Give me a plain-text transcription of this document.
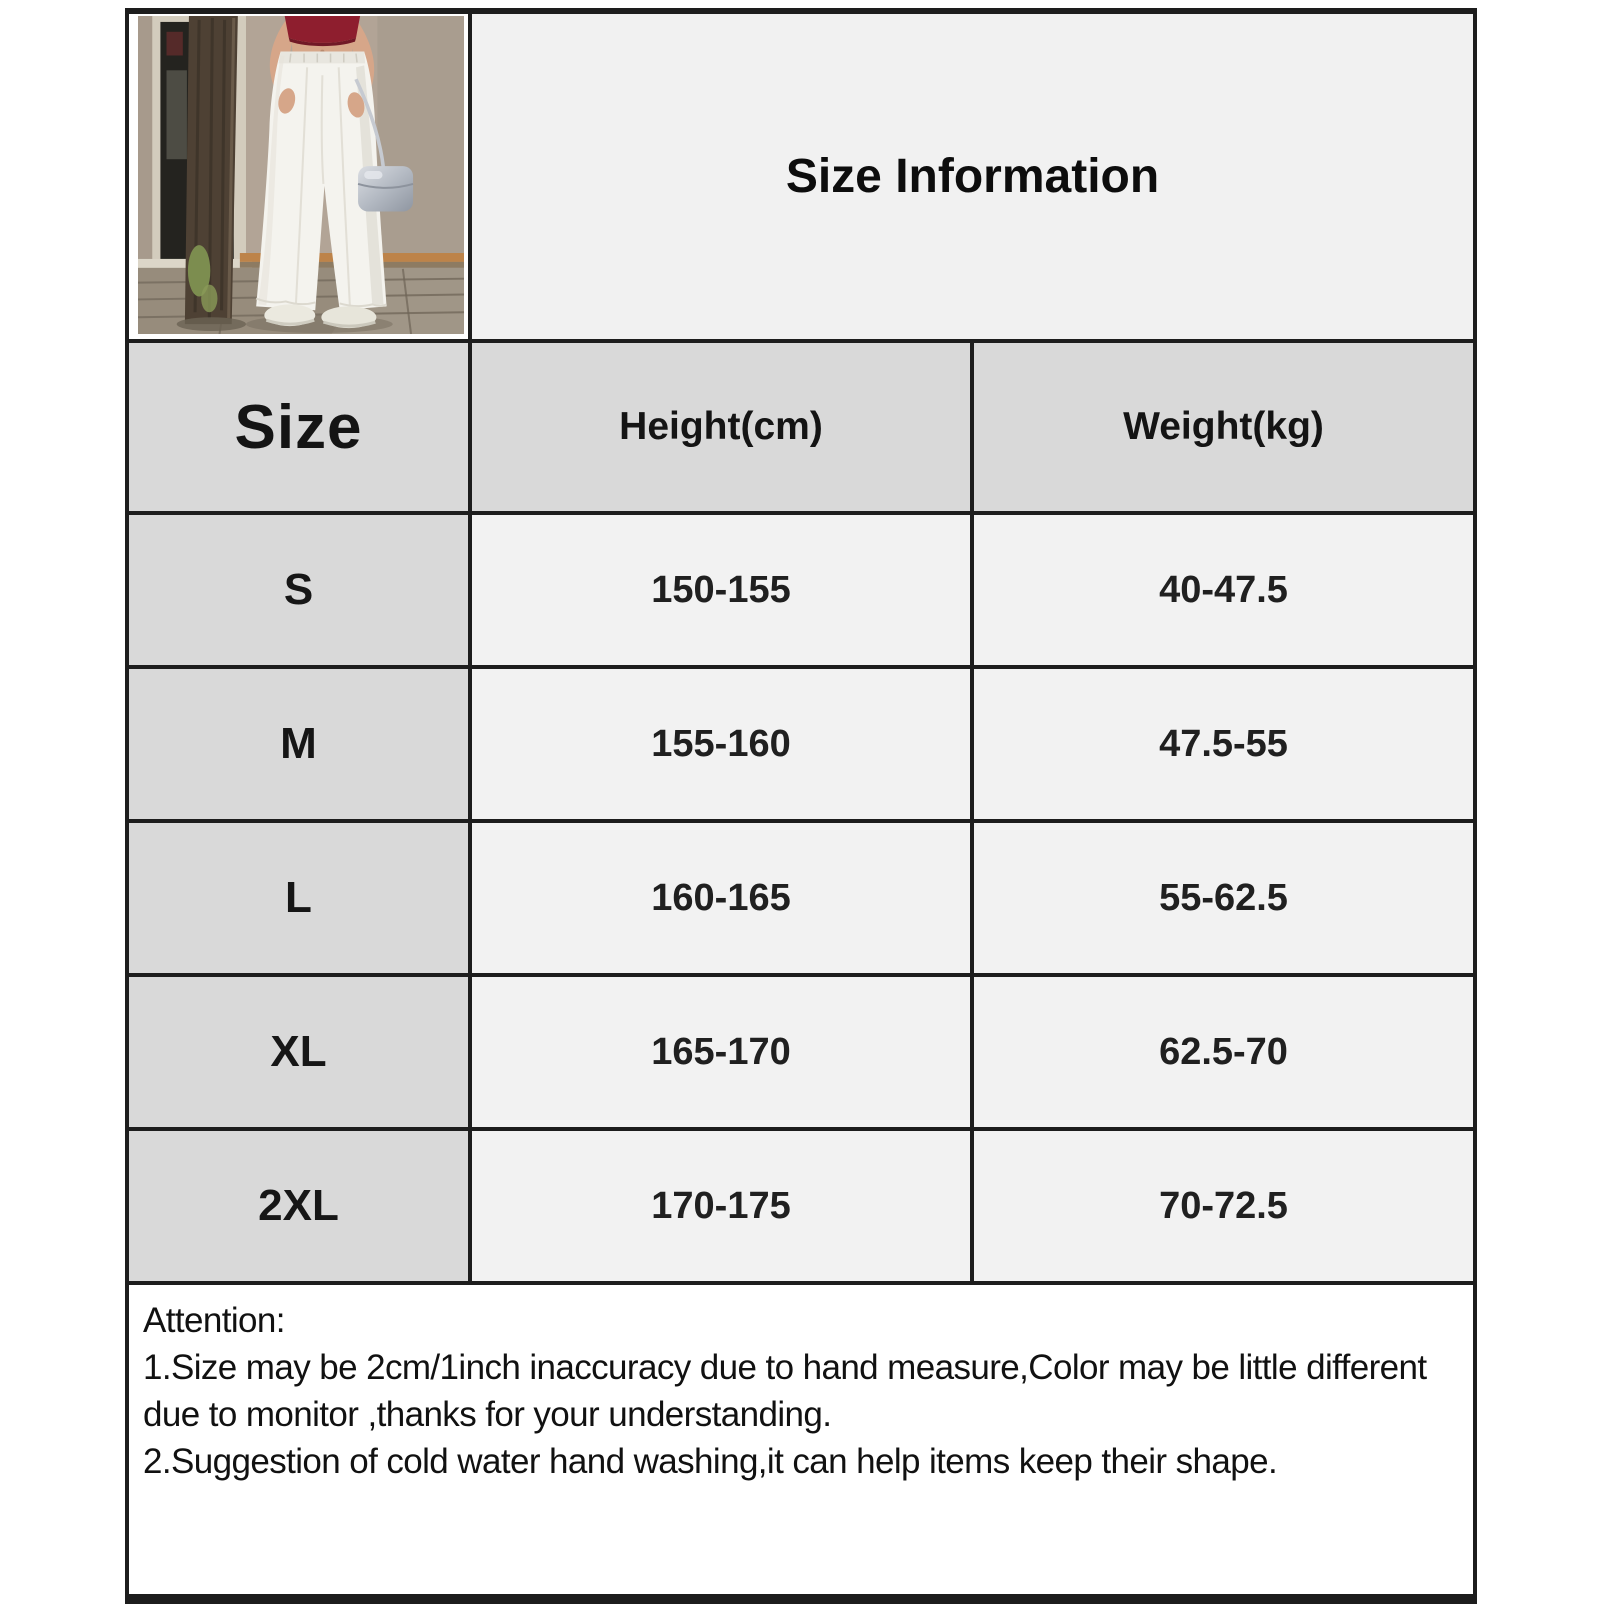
Size Information	

Size	Height(cm)	Weight(kg)
S	150-155	40-47.5
M	155-160	47.5-55
L	160-165	55-62.5
XL	165-170	62.5-70
2XL	170-175	70-72.5

Attention:
1.Size may be 2cm/1inch inaccuracy due to hand measure,Color may be little different due to monitor ,thanks for your understanding.
2.Suggestion of cold water hand washing,it can help items keep their shape.		
